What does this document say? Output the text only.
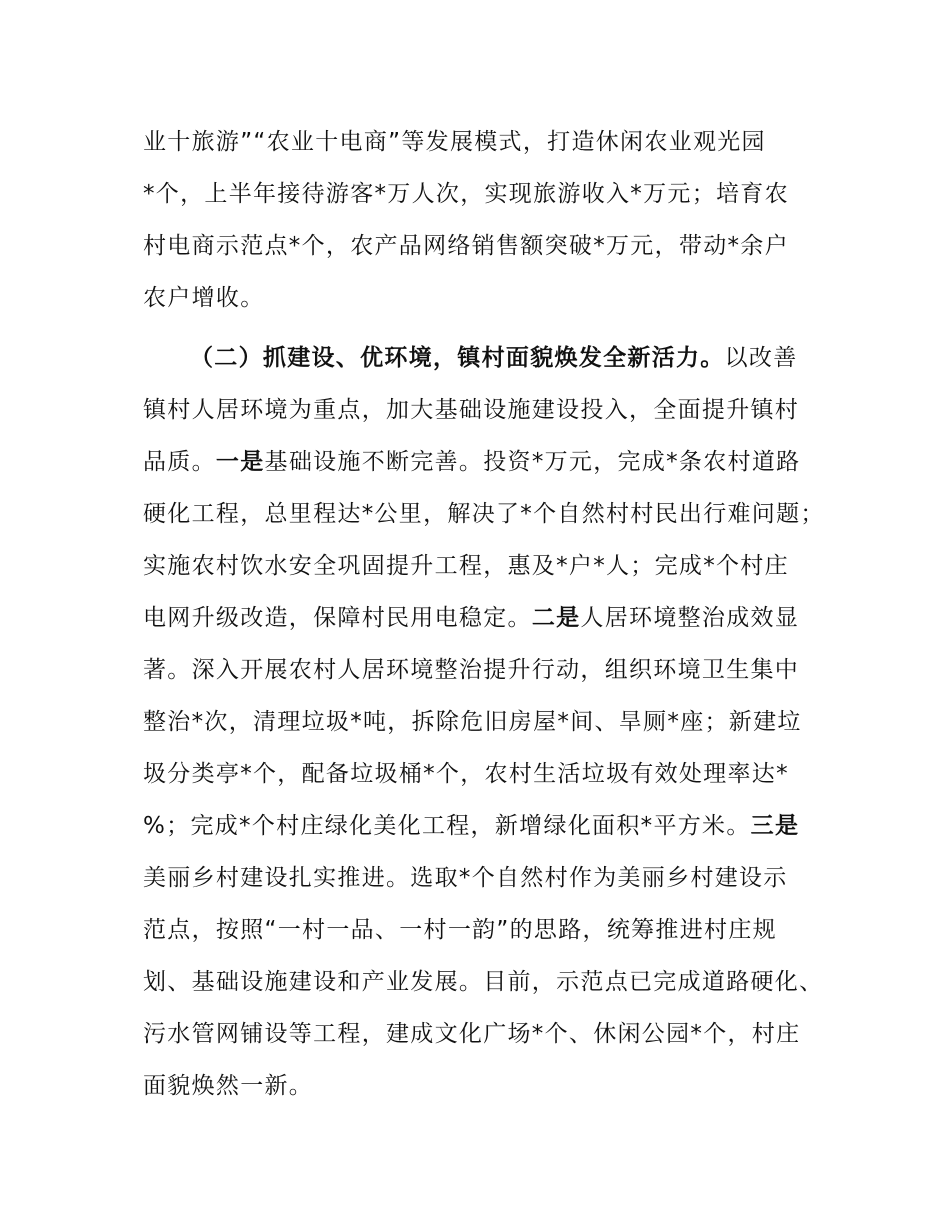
业十旅游”“农业十电商”等发展模式，打造休闲农业观光园
*个，上半年接待游客*万人次，实现旅游收入*万元；培育农
村电商示范点*个，农产品网络销售额突破*万元，带动*余户
农户增收。
（二）抓建设、优环境，镇村面貌焕发全新活力。以改善
镇村人居环境为重点，加大基础设施建设投入，全面提升镇村
品质。一是基础设施不断完善。投资*万元，完成*条农村道路
硬化工程，总里程达*公里，解决了*个自然村村民出行难问题；
实施农村饮水安全巩固提升工程，惠及*户*人；完成*个村庄
电网升级改造，保障村民用电稳定。二是人居环境整治成效显
著。深入开展农村人居环境整治提升行动，组织环境卫生集中
整治*次，清理垃圾*吨，拆除危旧房屋*间、旱厕*座；新建垃
圾分类亭*个，配备垃圾桶*个，农村生活垃圾有效处理率达*
%；完成*个村庄绿化美化工程，新增绿化面积*平方米。三是
美丽乡村建设扎实推进。选取*个自然村作为美丽乡村建设示
范点，按照“一村一品、一村一韵”的思路，统筹推进村庄规
划、基础设施建设和产业发展。目前，示范点已完成道路硬化、
污水管网铺设等工程，建成文化广场*个、休闲公园*个，村庄
面貌焕然一新。
